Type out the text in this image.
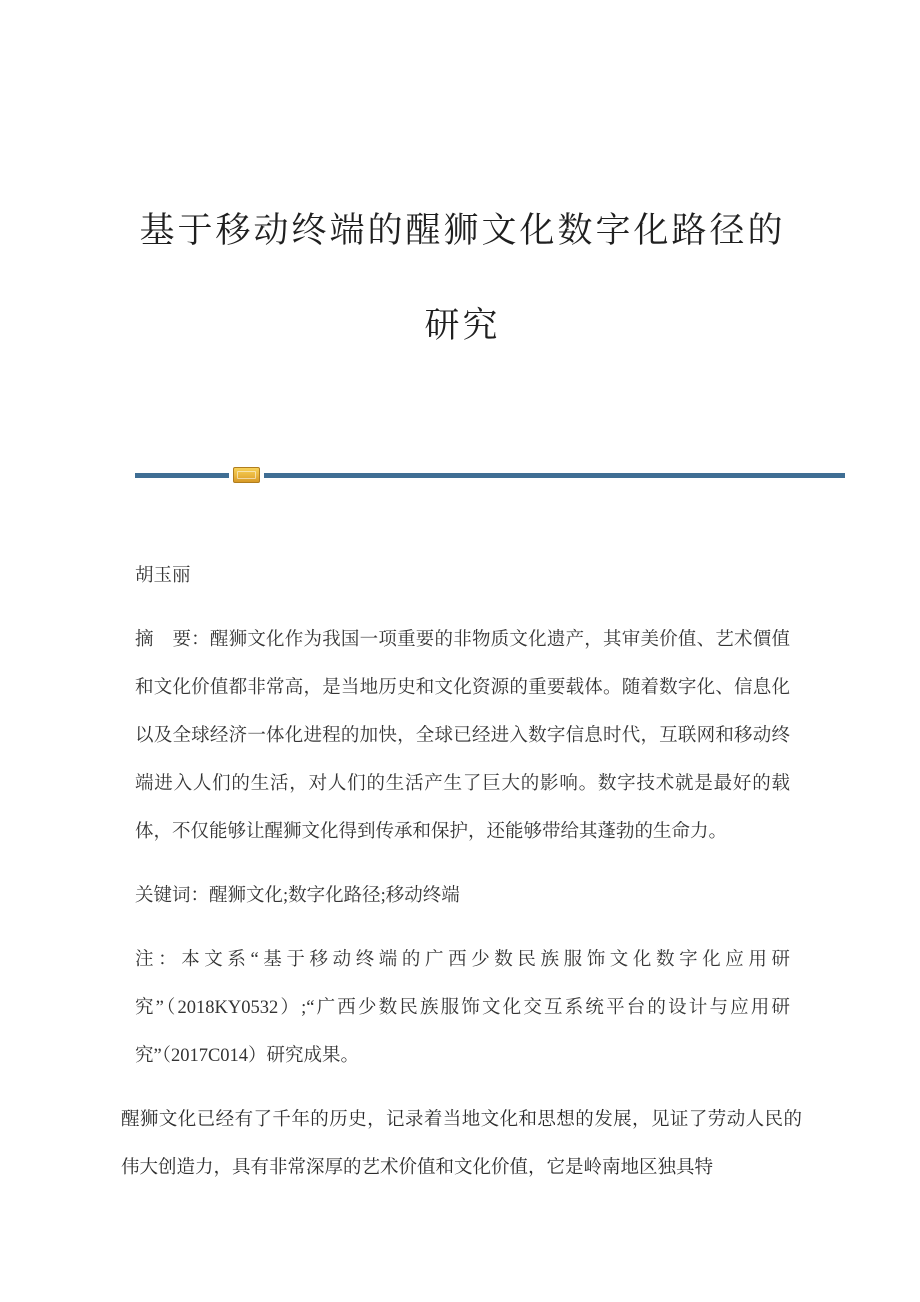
基于移动终端的醒狮文化数字化路径的
研究

胡玉丽

摘　要：醒狮文化作为我国一项重要的非物质文化遗产，其审美价值、艺术價值和文化价值都非常高，是当地历史和文化资源的重要载体。随着数字化、信息化以及全球经济一体化进程的加快，全球已经进入数字信息时代，互联网和移动终端进入人们的生活，对人们的生活产生了巨大的影响。数字技术就是最好的载体，不仅能够让醒狮文化得到传承和保护，还能够带给其蓬勃的生命力。

关键词：醒狮文化;数字化路径;移动终端

注：本文系“基于移动终端的广西少数民族服饰文化数字化应用研究”（2018KY0532）;“广西少数民族服饰文化交互系统平台的设计与应用研究”（2017C014）研究成果。

醒狮文化已经有了千年的历史，记录着当地文化和思想的发展，见证了劳动人民的伟大创造力，具有非常深厚的艺术价值和文化价值，它是岭南地区独具特
